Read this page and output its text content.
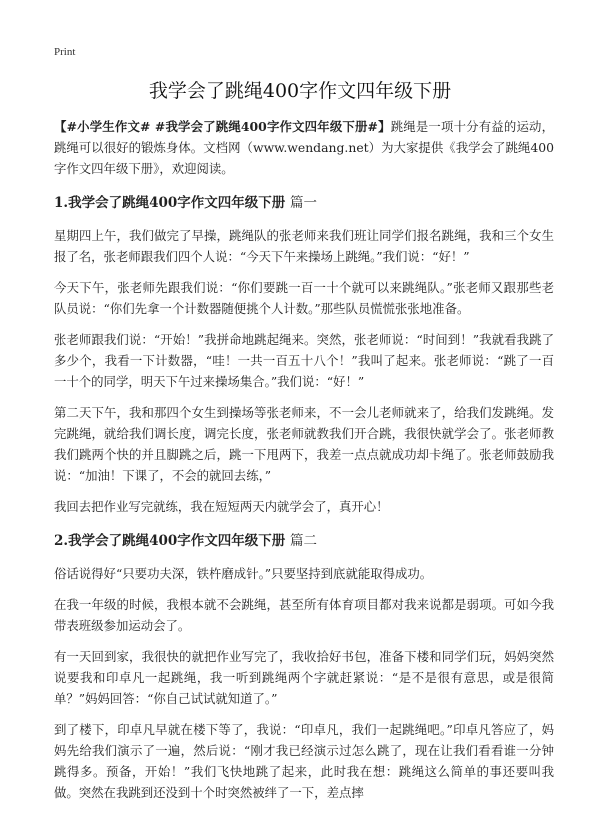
Print
我学会了跳绳400字作文四年级下册

【#小学生作文# #我学会了跳绳400字作文四年级下册#】跳绳是一项十分有益的运动，跳绳可以很好的锻炼身体。文档网（www.wendang.net）为大家提供《我学会了跳绳400字作文四年级下册》，欢迎阅读。

1.我学会了跳绳400字作文四年级下册 篇一

星期四上午，我们做完了早操，跳绳队的张老师来我们班让同学们报名跳绳，我和三个女生报了名，张老师跟我们四个人说：“今天下午来操场上跳绳。”我们说：“好！”

今天下午，张老师先跟我们说：“你们要跳一百一十个就可以来跳绳队。”张老师又跟那些老队员说：“你们先拿一个计数器随便挑个人计数。”那些队员慌慌张张地准备。

张老师跟我们说：“开始！”我拼命地跳起绳来。突然，张老师说：“时间到！”我就看我跳了多少个，我看一下计数器，“哇！一共一百五十八个！”我叫了起来。张老师说：“跳了一百一十个的同学，明天下午过来操场集合。”我们说：“好！”

第二天下午，我和那四个女生到操场等张老师来，不一会儿老师就来了，给我们发跳绳。发完跳绳，就给我们调长度，调完长度，张老师就教我们开合跳，我很快就学会了。张老师教我们跳两个快的并且脚跳之后，跳一下甩两下，我差一点点就成功却卡绳了。张老师鼓励我说：“加油！下课了，不会的就回去练，”

我回去把作业写完就练，我在短短两天内就学会了，真开心！

2.我学会了跳绳400字作文四年级下册 篇二

俗话说得好“只要功夫深，铁杵磨成针。”只要坚持到底就能取得成功。

在我一年级的时候，我根本就不会跳绳，甚至所有体育项目都对我来说都是弱项。可如今我带表班级参加运动会了。

有一天回到家，我很快的就把作业写完了，我收拾好书包，准备下楼和同学们玩，妈妈突然说要我和印卓凡一起跳绳，我一听到跳绳两个字就赶紧说：“是不是很有意思，或是很简单？”妈妈回答：“你自己试试就知道了。”

到了楼下，印卓凡早就在楼下等了，我说：“印卓凡，我们一起跳绳吧。”印卓凡答应了，妈妈先给我们演示了一遍，然后说：“刚才我已经演示过怎么跳了，现在让我们看看谁一分钟跳得多。预备，开始！”我们飞快地跳了起来，此时我在想：跳绳这么简单的事还要叫我做。突然在我跳到还没到十个时突然被绊了一下，差点摔
